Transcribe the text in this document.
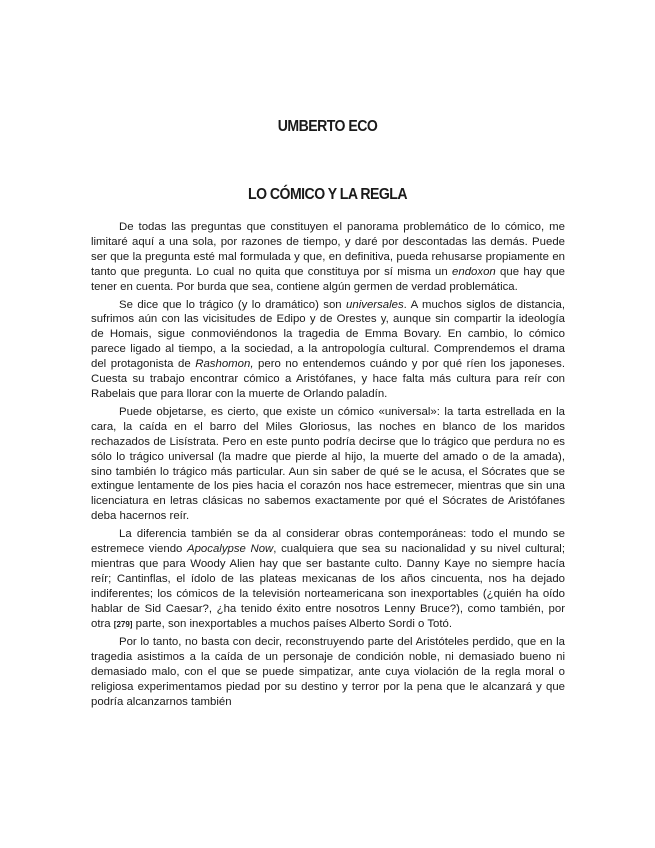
UMBERTO ECO
LO CÓMICO Y LA REGLA

De todas las preguntas que constituyen el panorama problemático de lo cómico, me limitaré aquí a una sola, por razones de tiempo, y daré por descontadas las demás. Puede ser que la pregunta esté mal formulada y que, en definitiva, pueda rehusarse propiamente en tanto que pregunta. Lo cual no quita que constituya por sí misma un endoxon que hay que tener en cuenta. Por burda que sea, contiene algún germen de verdad problemática.

Se dice que lo trágico (y lo dramático) son universales. A muchos siglos de distancia, sufrimos aún con las vicisitudes de Edipo y de Orestes y, aunque sin compartir la ideología de Homais, sigue conmoviéndonos la tragedia de Emma Bovary. En cambio, lo cómico parece ligado al tiempo, a la sociedad, a la antropología cultural. Comprendemos el drama del protagonista de Rashomon, pero no entendemos cuándo y por qué ríen los japoneses. Cuesta su trabajo encontrar cómico a Aristófanes, y hace falta más cultura para reír con Rabelais que para llorar con la muerte de Orlando paladín.

Puede objetarse, es cierto, que existe un cómico «universal»: la tarta estrellada en la cara, la caída en el barro del Miles Gloriosus, las noches en blanco de los maridos rechazados de Lisístrata. Pero en este punto podría decirse que lo trágico que perdura no es sólo lo trágico universal (la madre que pierde al hijo, la muerte del amado o de la amada), sino también lo trágico más particular. Aun sin saber de qué se le acusa, el Sócrates que se extingue lentamente de los pies hacia el corazón nos hace estremecer, mientras que sin una licenciatura en letras clásicas no sabemos exactamente por qué el Sócrates de Aristófanes deba hacernos reír.

La diferencia también se da al considerar obras contemporáneas: todo el mundo se estremece viendo Apocalypse Now, cualquiera que sea su nacionalidad y su nivel cultural; mientras que para Woody Alien hay que ser bastante culto. Danny Kaye no siempre hacía reír; Cantinflas, el ídolo de las plateas mexicanas de los años cincuenta, nos ha dejado indiferentes; los cómicos de la televisión norteamericana son inexportables (¿quién ha oído hablar de Sid Caesar?, ¿ha tenido éxito entre nosotros Lenny Bruce?), como también, por otra [279] parte, son inexportables a muchos países Alberto Sordi o Totó.

Por lo tanto, no basta con decir, reconstruyendo parte del Aristóteles perdido, que en la tragedia asistimos a la caída de un personaje de condición noble, ni demasiado bueno ni demasiado malo, con el que se puede simpatizar, ante cuya violación de la regla moral o religiosa experimentamos piedad por su destino y terror por la pena que le alcanzará y que podría alcanzarnos también
